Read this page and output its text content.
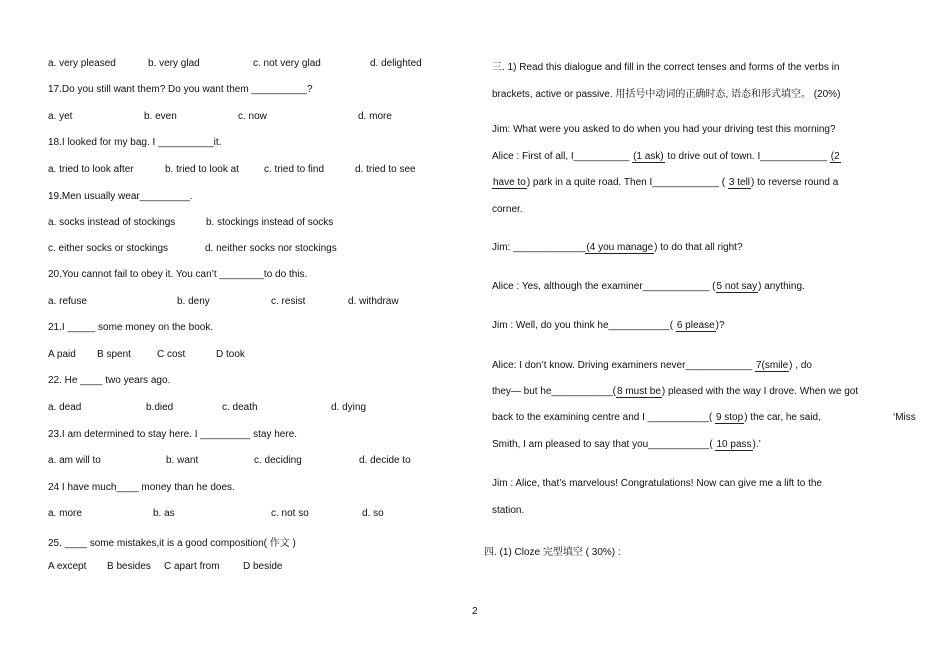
a. very pleased	b. very glad	c. not very glad	d. delighted
17.Do you still want them? Do you want them __________?
a. yet	b. even	c. now	d. more
18.I looked for my bag. I __________it.
a. tried to look after	b. tried to look at	c. tried to find	d. tried to see
19.Men usually wear_________.
a. socks instead of stockings	b. stockings instead of socks
c. either socks or stockings	d. neither socks nor stockings
20.You cannot fail to obey it. You can’t ________to do this.
a. refuse	b. deny	c. resist	d. withdraw
21.I _____ some money on the book.
A paid B spent	C cost	D took
22. He ____ two years ago.
a. dead	b.died	c. death	d. dying
23.I am determined to stay here. I _________ stay here.
a. am will to	b. want	c. deciding	d. decide to
24 I have much____ money than he does.
a. more	b. as	c. not so	d. so
25. ____ some mistakes,it is a good composition( 作文 )
A except B besides C apart from D beside
三. 1) Read this dialogue and fill in the correct tenses and forms of the verbs in
brackets, active or passive. 用括号中动词的正确时态, 语态和形式填空。 (20%)
Jim: What were you asked to do when you had your driving test this morning?
Alice : First of all, I__________ (1 ask) to drive out of town. I____________ (2
have to) park in a quite road. Then I____________ ( 3 tell) to reverse round a
corner.
Jim: _____________(4 you manage) to do that all right?
Alice : Yes, although the examiner____________ (5 not say) anything.
Jim : Well, do you think he___________( 6 please)?
Alice: I don’t know. Driving examiners never____________ 7(smile) , do
they— but he___________(8 must be) pleased with the way I drove. When we got
back to the examining centre and I ___________( 9 stop) the car, he said,	‘Miss
Smith, I am pleased to say that you___________( 10 pass).’
Jim : Alice, that’s marvelous! Congratulations! Now can give me a lift to the
station.
四. (1) Cloze 完型填空 ( 30%) :
2
